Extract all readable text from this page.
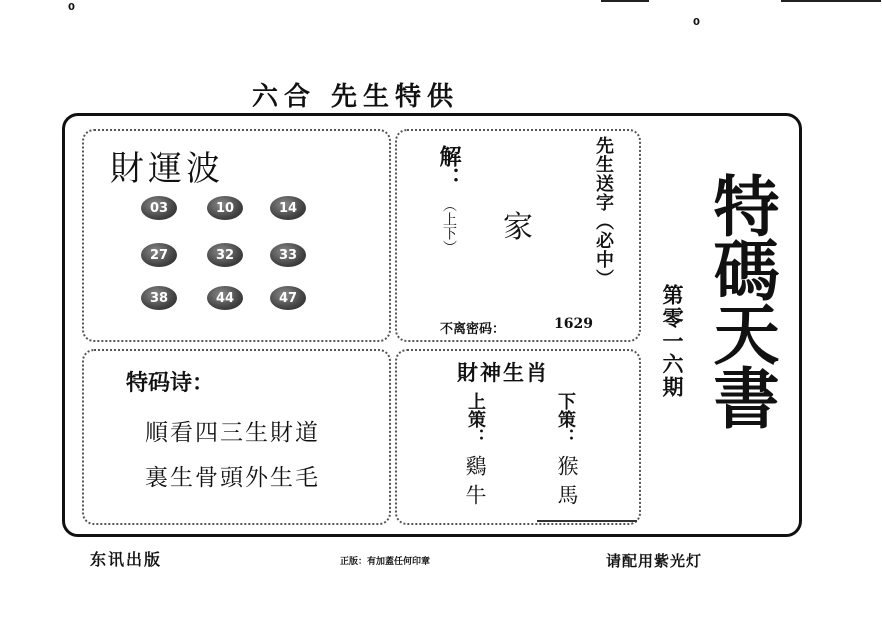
0
0
六合 先生特供
財運波
03	10	14
27	32	33
38	44	47
解：
（上下） 家	先生送字（必中）
不离密码：	1629
特码诗：
順看四三生財道
裏生骨頭外生毛
財神生肖
上策：	下策：
鷄牛	猴馬
第零一六期 特碼天書
东讯出版	正版：有加蓋任何印章	请配用紫光灯
